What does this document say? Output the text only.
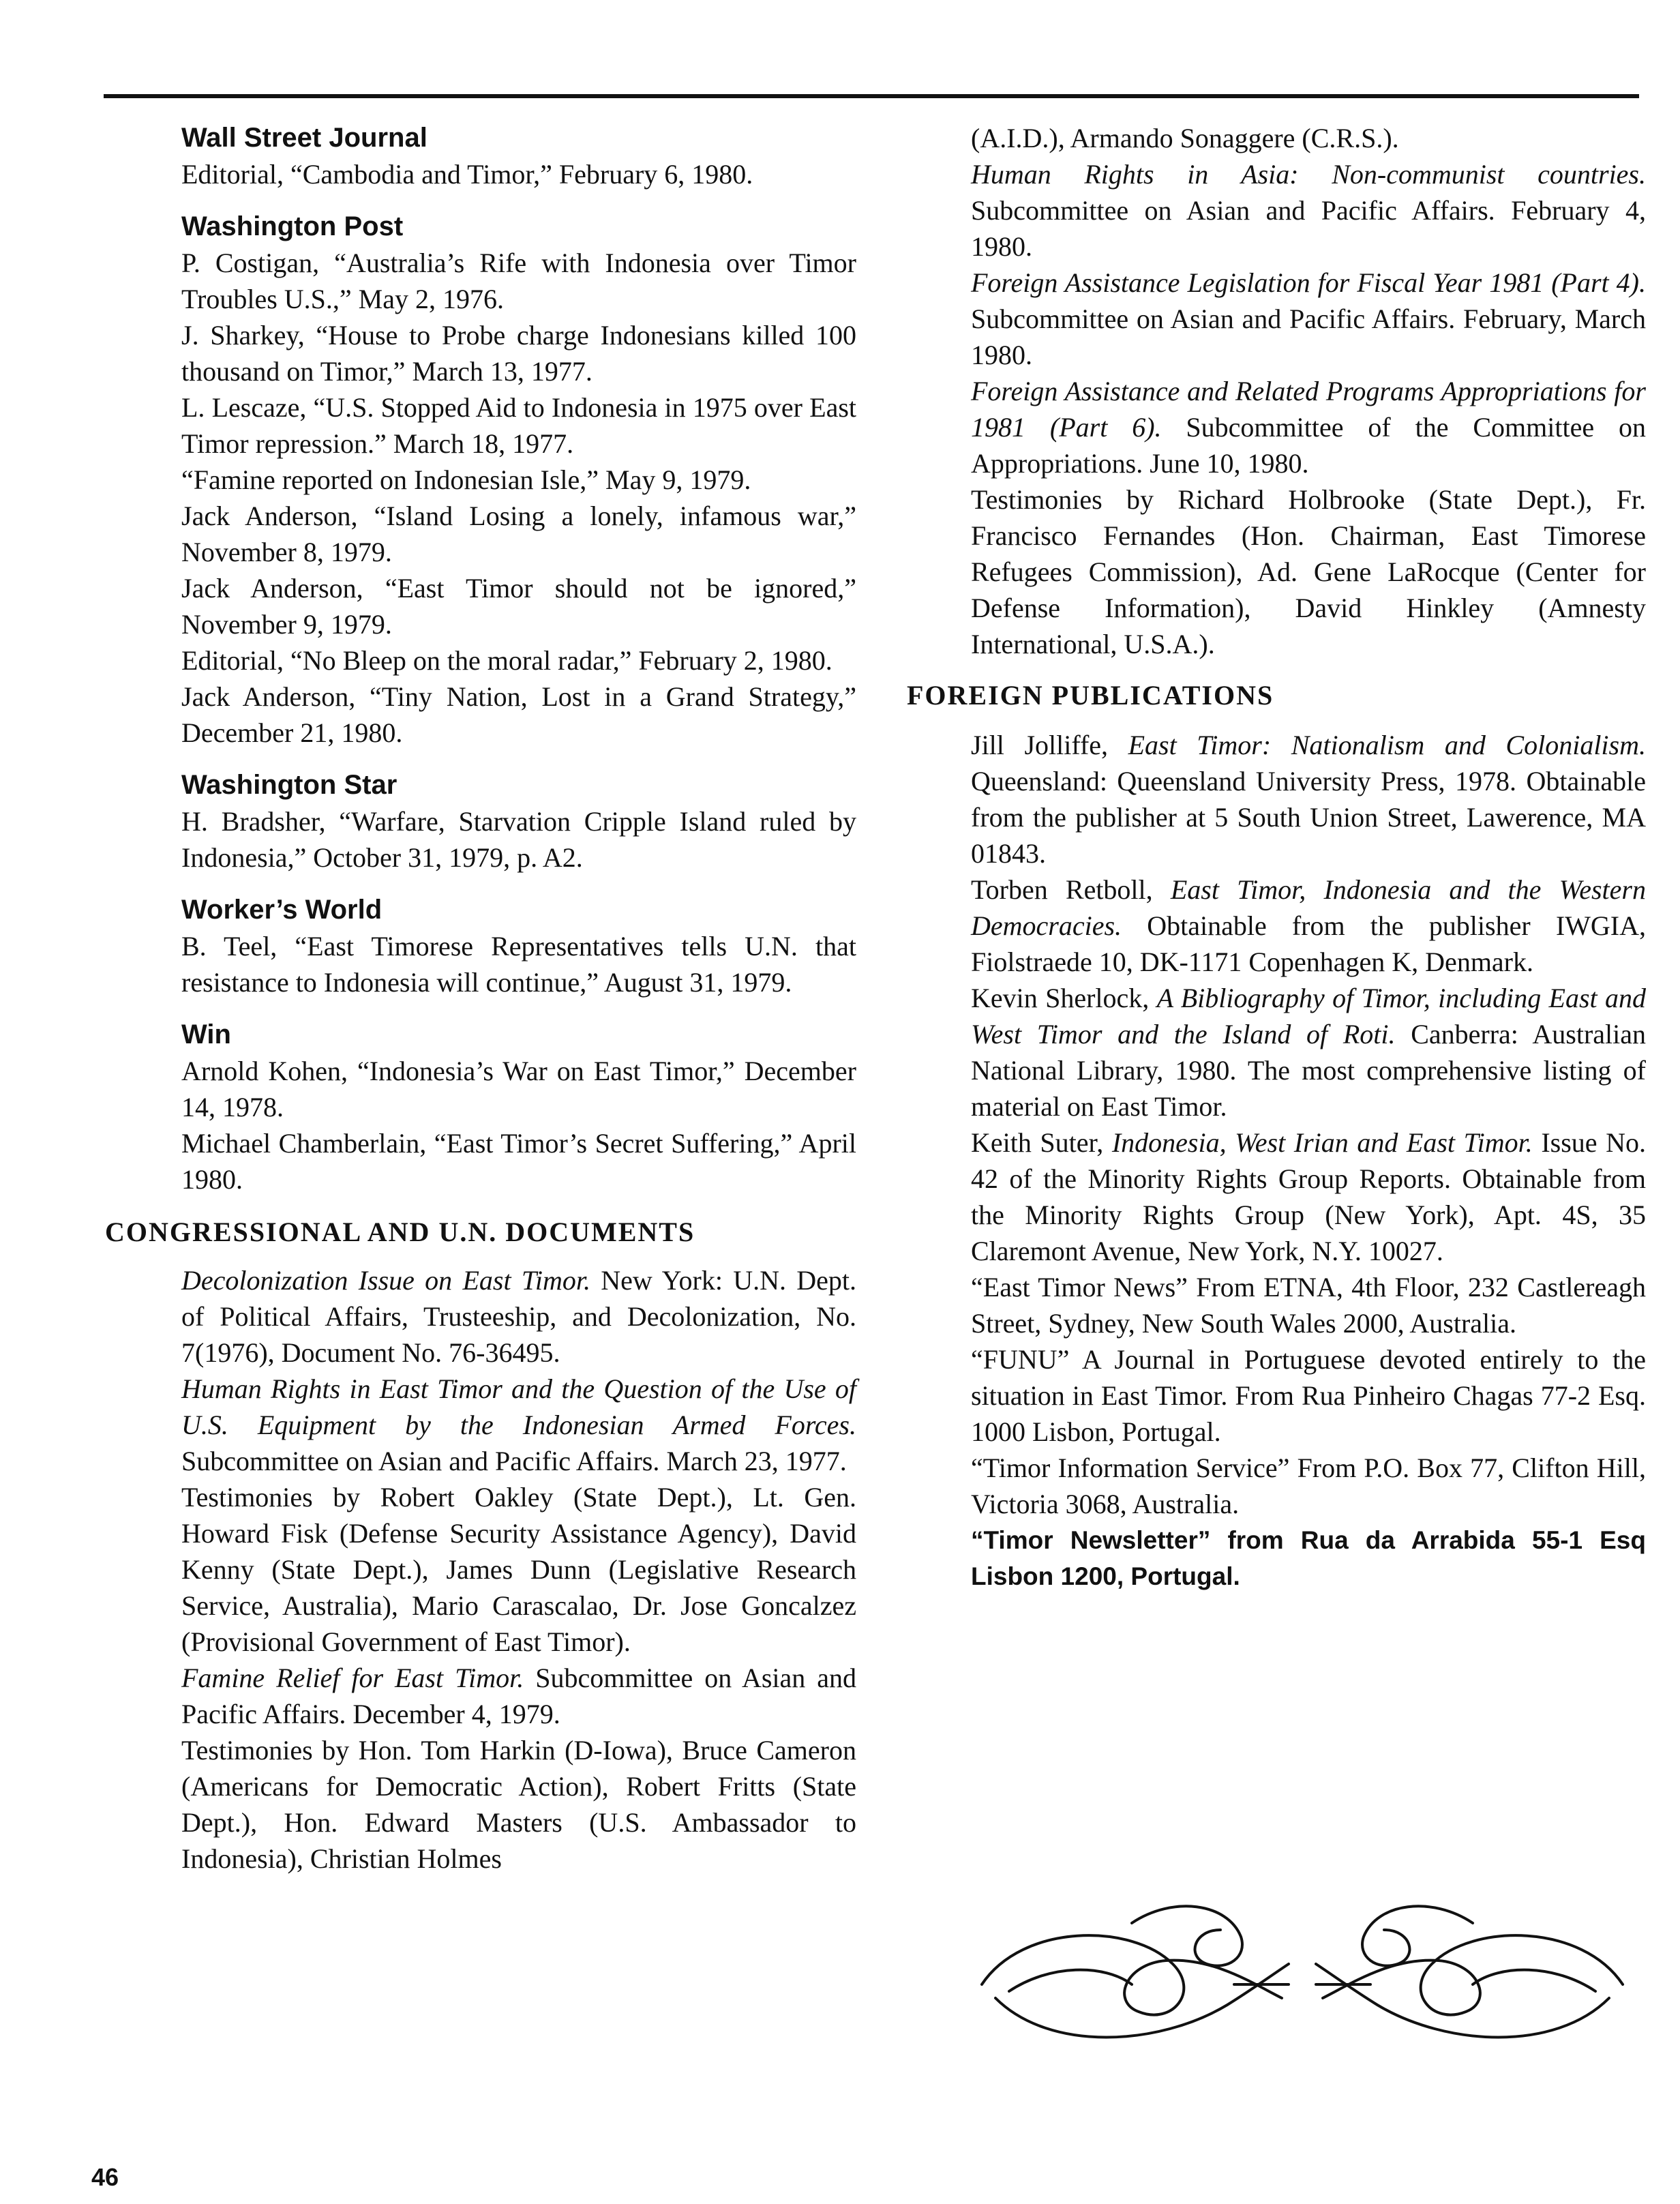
Wall Street Journal

Editorial, “Cambodia and Timor,” February 6, 1980.

Washington Post

P. Costigan, “Australia’s Rife with Indonesia over Timor Troubles U.S.,” May 2, 1976.

J. Sharkey, “House to Probe charge Indonesians killed 100 thousand on Timor,” March 13, 1977.

L. Lescaze, “U.S. Stopped Aid to Indonesia in 1975 over East Timor repression.” March 18, 1977.

“Famine reported on Indonesian Isle,” May 9, 1979.

Jack Anderson, “Island Losing a lonely, infamous war,” November 8, 1979.

Jack Anderson, “East Timor should not be ignored,” November 9, 1979.

Editorial, “No Bleep on the moral radar,” February 2, 1980.

Jack Anderson, “Tiny Nation, Lost in a Grand Strategy,” December 21, 1980.

Washington Star

H. Bradsher, “Warfare, Starvation Cripple Island ruled by Indonesia,” October 31, 1979, p. A2.

Worker’s World

B. Teel, “East Timorese Representatives tells U.N. that resistance to Indonesia will continue,” August 31, 1979.

Win

Arnold Kohen, “Indonesia’s War on East Timor,” December 14, 1978.

Michael Chamberlain, “East Timor’s Secret Suffering,” April 1980.

CONGRESSIONAL AND U.N. DOCUMENTS

Decolonization Issue on East Timor. New York: U.N. Dept. of Political Affairs, Trusteeship, and Decolonization, No. 7(1976), Document No. 76-36495.

Human Rights in East Timor and the Question of the Use of U.S. Equipment by the Indonesian Armed Forces. Subcommittee on Asian and Pacific Affairs. March 23, 1977.

Testimonies by Robert Oakley (State Dept.), Lt. Gen. Howard Fisk (Defense Security Assistance Agency), David Kenny (State Dept.), James Dunn (Legislative Research Service, Australia), Mario Carascalao, Dr. Jose Goncalzez (Provisional Government of East Timor).

Famine Relief for East Timor. Subcommittee on Asian and Pacific Affairs. December 4, 1979.

Testimonies by Hon. Tom Harkin (D-Iowa), Bruce Cameron (Americans for Democratic Action), Robert Fritts (State Dept.), Hon. Edward Masters (U.S. Ambassador to Indonesia), Christian Holmes

(A.I.D.), Armando Sonaggere (C.R.S.).

Human Rights in Asia: Non-communist countries. Subcommittee on Asian and Pacific Affairs. February 4, 1980.

Foreign Assistance Legislation for Fiscal Year 1981 (Part 4). Subcommittee on Asian and Pacific Affairs. February, March 1980.

Foreign Assistance and Related Programs Appropriations for 1981 (Part 6). Subcommittee of the Committee on Appropriations. June 10, 1980.

Testimonies by Richard Holbrooke (State Dept.), Fr. Francisco Fernandes (Hon. Chairman, East Timorese Refugees Commission), Ad. Gene LaRocque (Center for Defense Information), David Hinkley (Amnesty International, U.S.A.).

FOREIGN PUBLICATIONS

Jill Jolliffe, East Timor: Nationalism and Colonialism. Queensland: Queensland University Press, 1978. Obtainable from the publisher at 5 South Union Street, Lawerence, MA 01843.

Torben Retboll, East Timor, Indonesia and the Western Democracies. Obtainable from the publisher IWGIA, Fiolstraede 10, DK-1171 Copenhagen K, Denmark.

Kevin Sherlock, A Bibliography of Timor, including East and West Timor and the Island of Roti. Canberra: Australian National Library, 1980. The most comprehensive listing of material on East Timor.

Keith Suter, Indonesia, West Irian and East Timor. Issue No. 42 of the Minority Rights Group Reports. Obtainable from the Minority Rights Group (New York), Apt. 4S, 35 Claremont Avenue, New York, N.Y. 10027.

“East Timor News” From ETNA, 4th Floor, 232 Castlereagh Street, Sydney, New South Wales 2000, Australia.

“FUNU” A Journal in Portuguese devoted entirely to the situation in East Timor. From Rua Pinheiro Chagas 77-2 Esq. 1000 Lisbon, Portugal.

“Timor Information Service” From P.O. Box 77, Clifton Hill, Victoria 3068, Australia.

“Timor Newsletter” from Rua da Arrabida 55-1 Esq Lisbon 1200, Portugal.

46
